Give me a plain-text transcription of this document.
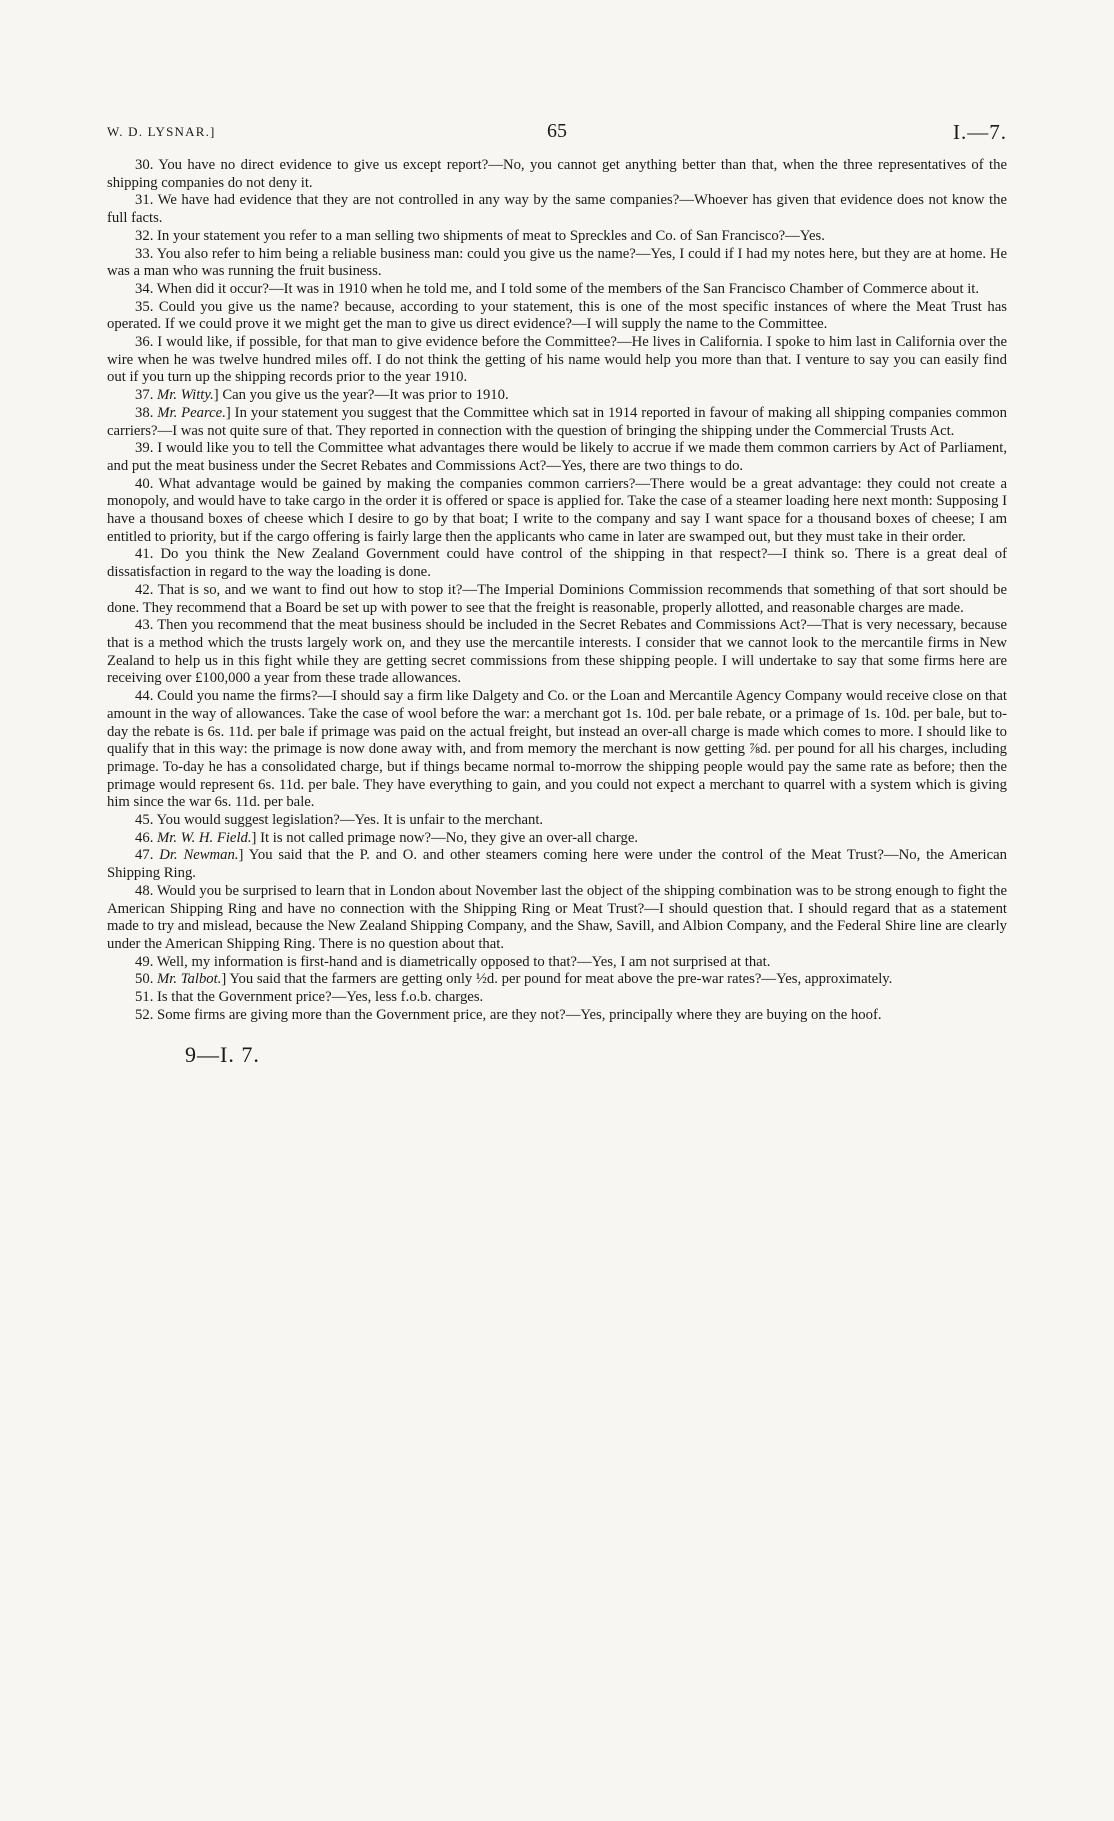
W. D. LYSNAR.]	65	I.—7.

30. You have no direct evidence to give us except report?—No, you cannot get anything better than that, when the three representatives of the shipping companies do not deny it.

31. We have had evidence that they are not controlled in any way by the same companies?—Whoever has given that evidence does not know the full facts.

32. In your statement you refer to a man selling two shipments of meat to Spreckles and Co. of San Francisco?—Yes.

33. You also refer to him being a reliable business man: could you give us the name?—Yes, I could if I had my notes here, but they are at home. He was a man who was running the fruit business.

34. When did it occur?—It was in 1910 when he told me, and I told some of the members of the San Francisco Chamber of Commerce about it.

35. Could you give us the name? because, according to your statement, this is one of the most specific instances of where the Meat Trust has operated. If we could prove it we might get the man to give us direct evidence?—I will supply the name to the Committee.

36. I would like, if possible, for that man to give evidence before the Committee?—He lives in California. I spoke to him last in California over the wire when he was twelve hundred miles off. I do not think the getting of his name would help you more than that. I venture to say you can easily find out if you turn up the shipping records prior to the year 1910.

37. Mr. Witty.] Can you give us the year?—It was prior to 1910.

38. Mr. Pearce.] In your statement you suggest that the Committee which sat in 1914 reported in favour of making all shipping companies common carriers?—I was not quite sure of that. They reported in connection with the question of bringing the shipping under the Commercial Trusts Act.

39. I would like you to tell the Committee what advantages there would be likely to accrue if we made them common carriers by Act of Parliament, and put the meat business under the Secret Rebates and Commissions Act?—Yes, there are two things to do.

40. What advantage would be gained by making the companies common carriers?—There would be a great advantage: they could not create a monopoly, and would have to take cargo in the order it is offered or space is applied for. Take the case of a steamer loading here next month: Supposing I have a thousand boxes of cheese which I desire to go by that boat; I write to the company and say I want space for a thousand boxes of cheese; I am entitled to priority, but if the cargo offering is fairly large then the applicants who came in later are swamped out, but they must take in their order.

41. Do you think the New Zealand Government could have control of the shipping in that respect?—I think so. There is a great deal of dissatisfaction in regard to the way the loading is done.

42. That is so, and we want to find out how to stop it?—The Imperial Dominions Commission recommends that something of that sort should be done. They recommend that a Board be set up with power to see that the freight is reasonable, properly allotted, and reasonable charges are made.

43. Then you recommend that the meat business should be included in the Secret Rebates and Commissions Act?—That is very necessary, because that is a method which the trusts largely work on, and they use the mercantile interests. I consider that we cannot look to the mercantile firms in New Zealand to help us in this fight while they are getting secret commissions from these shipping people. I will undertake to say that some firms here are receiving over £100,000 a year from these trade allowances.

44. Could you name the firms?—I should say a firm like Dalgety and Co. or the Loan and Mercantile Agency Company would receive close on that amount in the way of allowances. Take the case of wool before the war: a merchant got 1s. 10d. per bale rebate, or a primage of 1s. 10d. per bale, but to-day the rebate is 6s. 11d. per bale if primage was paid on the actual freight, but instead an over-all charge is made which comes to more. I should like to qualify that in this way: the primage is now done away with, and from memory the merchant is now getting ⅞d. per pound for all his charges, including primage. To-day he has a consolidated charge, but if things became normal to-morrow the shipping people would pay the same rate as before; then the primage would represent 6s. 11d. per bale. They have everything to gain, and you could not expect a merchant to quarrel with a system which is giving him since the war 6s. 11d. per bale.

45. You would suggest legislation?—Yes. It is unfair to the merchant.

46. Mr. W. H. Field.] It is not called primage now?—No, they give an over-all charge.

47. Dr. Newman.] You said that the P. and O. and other steamers coming here were under the control of the Meat Trust?—No, the American Shipping Ring.

48. Would you be surprised to learn that in London about November last the object of the shipping combination was to be strong enough to fight the American Shipping Ring and have no connection with the Shipping Ring or Meat Trust?—I should question that. I should regard that as a statement made to try and mislead, because the New Zealand Shipping Company, and the Shaw, Savill, and Albion Company, and the Federal Shire line are clearly under the American Shipping Ring. There is no question about that.

49. Well, my information is first-hand and is diametrically opposed to that?—Yes, I am not surprised at that.

50. Mr. Talbot.] You said that the farmers are getting only ½d. per pound for meat above the pre-war rates?—Yes, approximately.

51. Is that the Government price?—Yes, less f.o.b. charges.

52. Some firms are giving more than the Government price, are they not?—Yes, principally where they are buying on the hoof.

9—I. 7.
